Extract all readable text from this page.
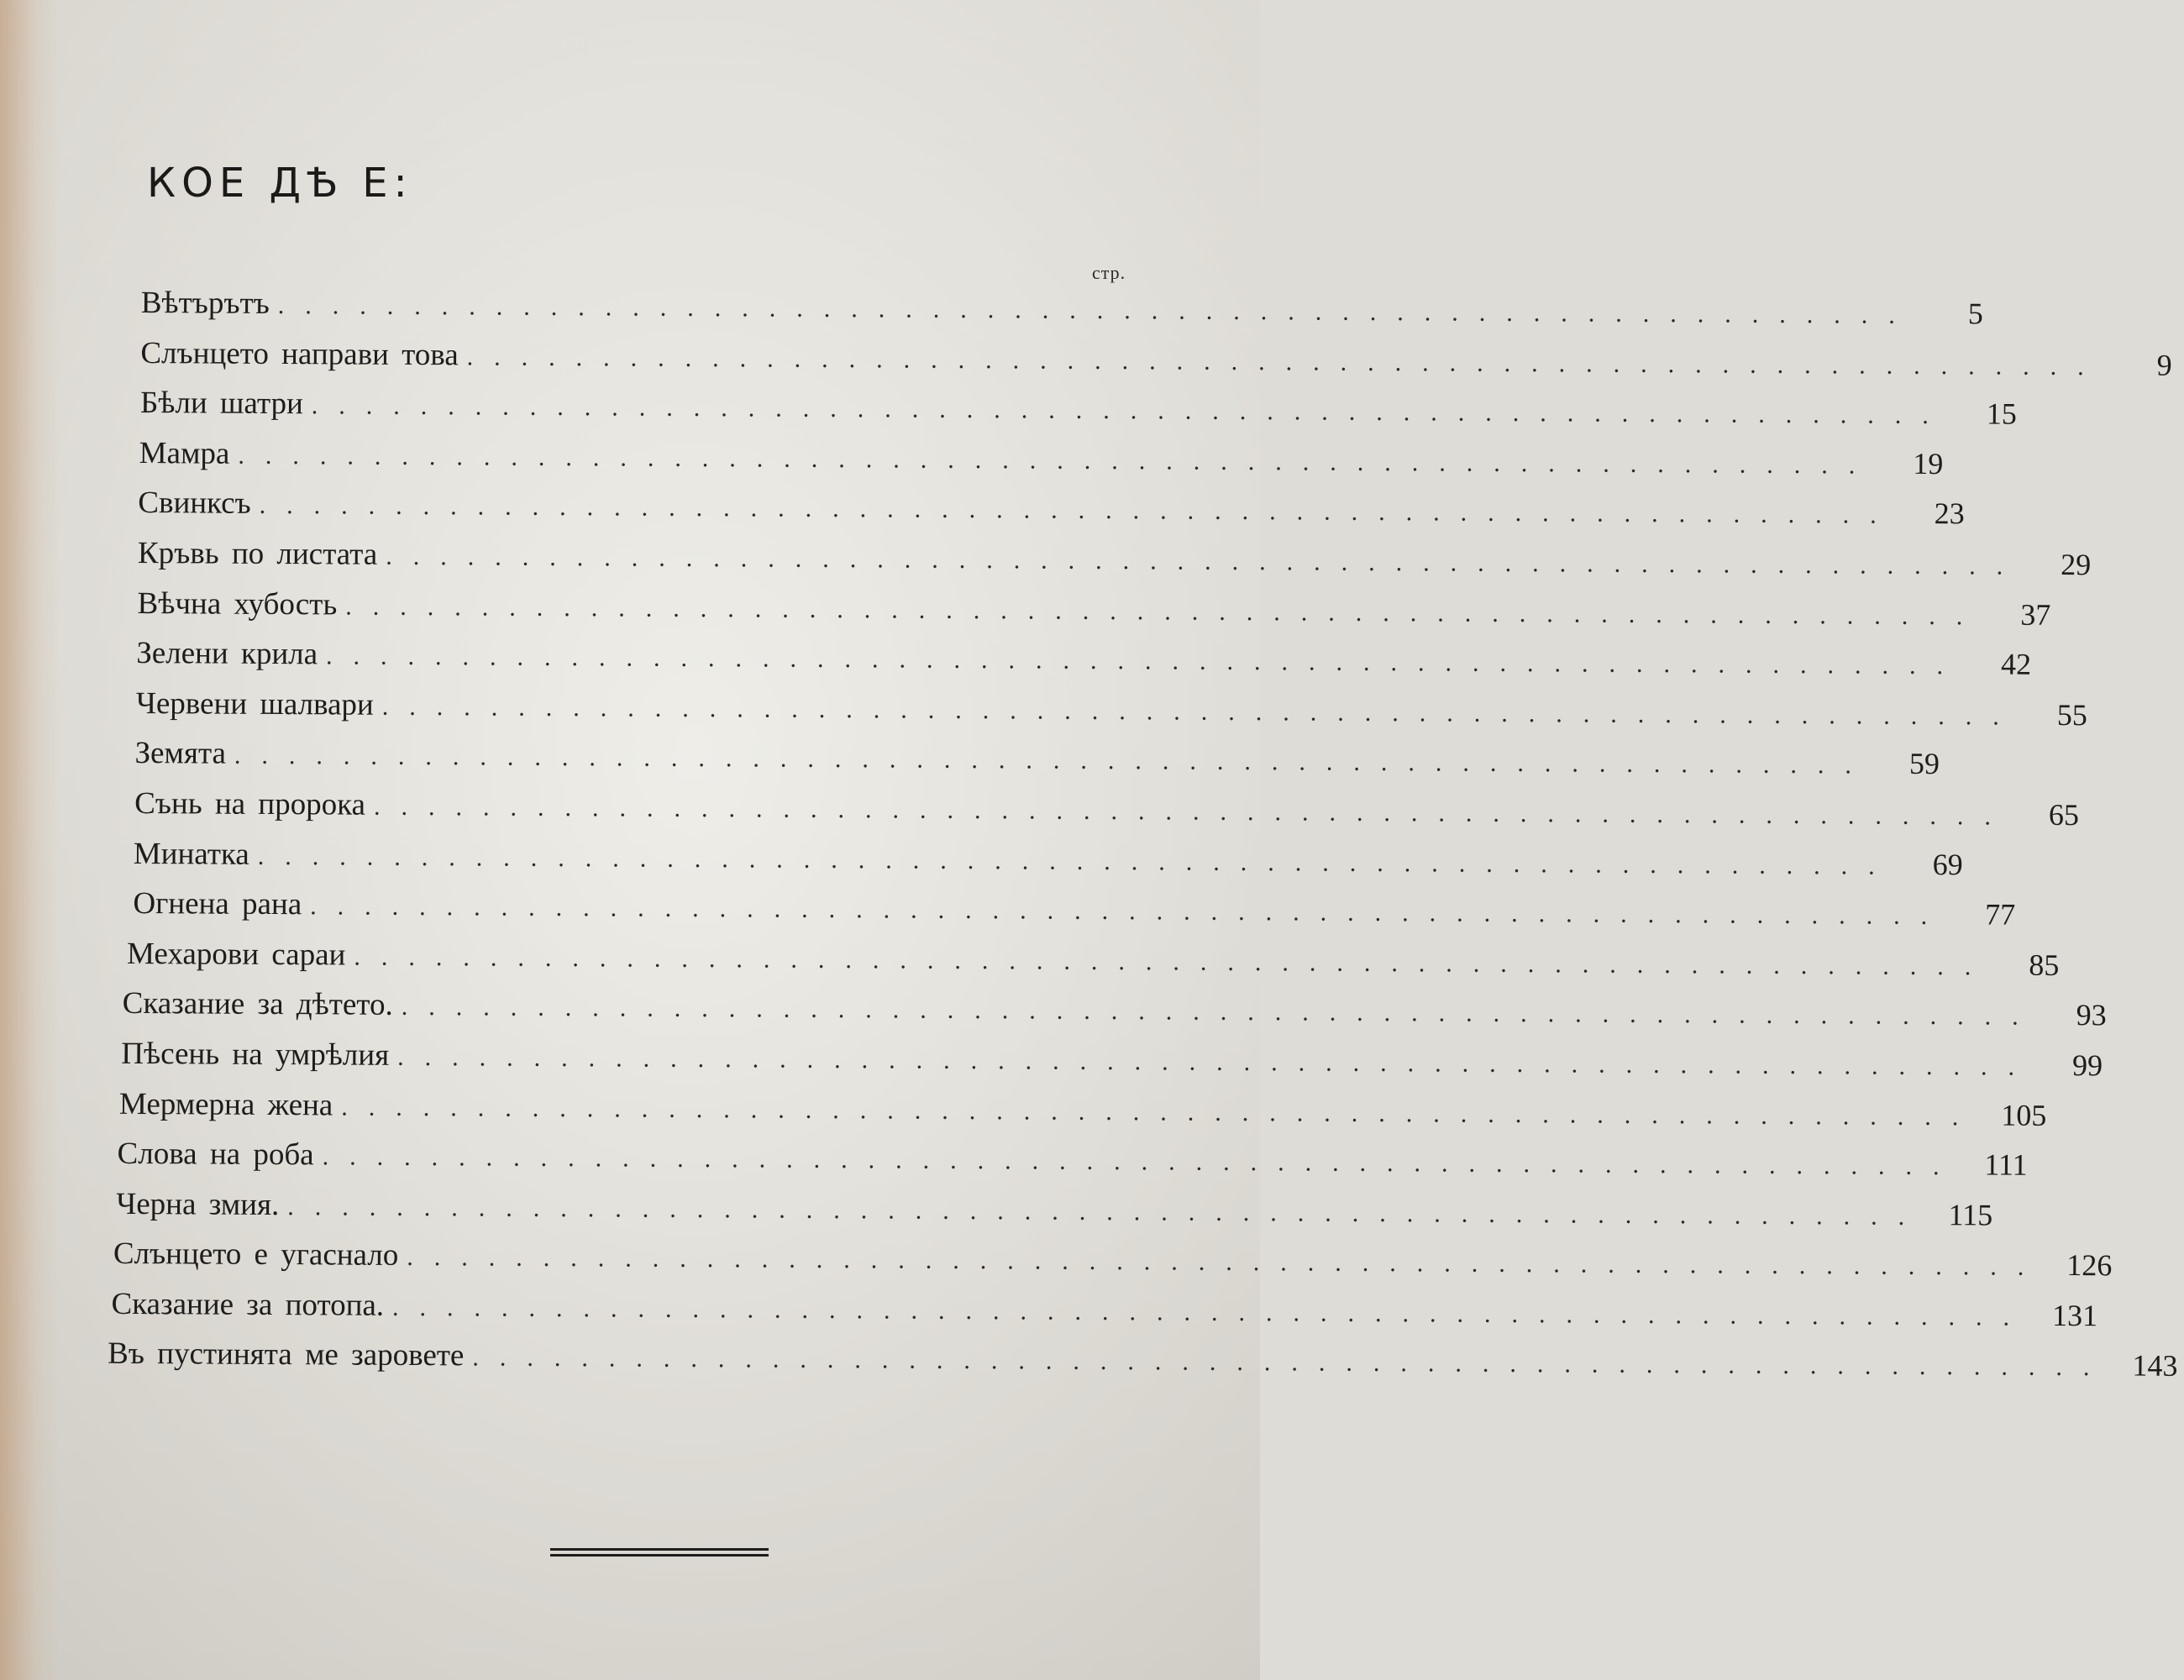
КОЕ ДѢ Е:
стр.
Вѣтърътъ ............................................................	5
Слънцето направи това ............................................................	9
Бѣли шатри ............................................................	15
Мамра ............................................................	19
Свинксъ ............................................................	23
Кръвь по листата ............................................................	29
Вѣчна хубость ............................................................	37
Зелени крила ............................................................	42
Червени шалвари ............................................................	55
Земята ............................................................	59
Сънь на пророка ............................................................	65
Минатка ............................................................	69
Огнена рана ............................................................	77
Мехарови сараи ............................................................	85
Сказание за дѣтето. ............................................................	93
Пѣсень на умрѣлия ............................................................	99
Мермерна жена ............................................................ 105
Слова на роба ............................................................ 111
Черна змия. ............................................................ 115
Слънцето е угаснало ............................................................ 126
Сказание за потопа. ............................................................ 131
Въ пустинята ме заровете ............................................................ 143
